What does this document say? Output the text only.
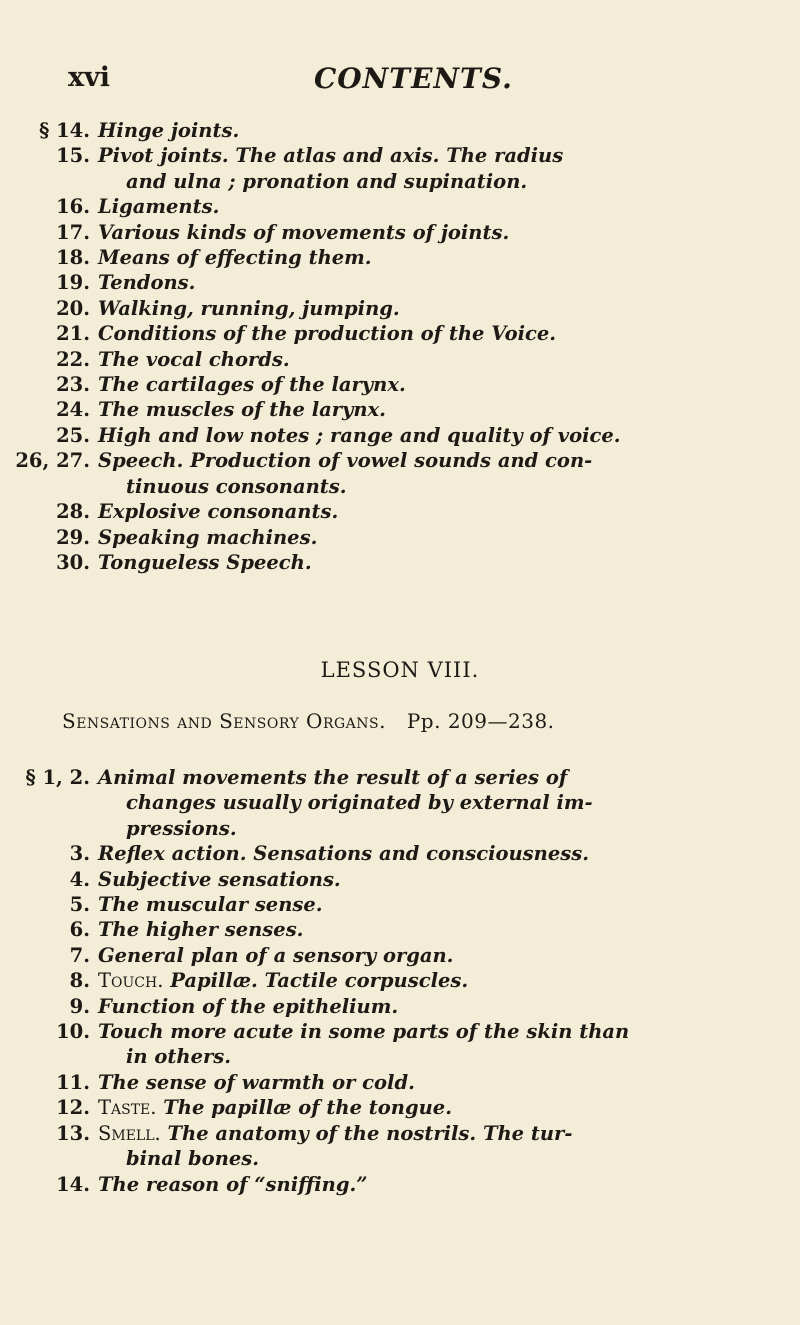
xvi	CONTENTS.
§ 14. Hinge joints.
15. Pivot joints. The atlas and axis. The radius
and ulna ; pronation and supination.
16. Ligaments.
17. Various kinds of movements of joints.
18. Means of effecting them.
19. Tendons.
20. Walking, running, jumping.
21. Conditions of the production of the Voice.
22. The vocal chords.
23. The cartilages of the larynx.
24. The muscles of the larynx.
25. High and low notes ; range and quality of voice.
26, 27. Speech. Production of vowel sounds and con-
tinuous consonants.
28. Explosive consonants.
29. Speaking machines.
30. Tongueless Speech.
LESSON VIII.
Sensations and Sensory Organs. Pp. 209—238.
§ 1, 2. Animal movements the result of a series of
changes usually originated by external im-
pressions.
3. Reflex action. Sensations and consciousness.
4. Subjective sensations.
5. The muscular sense.
6. The higher senses.
7. General plan of a sensory organ.
8. Touch. Papillæ. Tactile corpuscles.
9. Function of the epithelium.
10. Touch more acute in some parts of the skin than
in others.
11. The sense of warmth or cold.
12. Taste. The papillæ of the tongue.
13. Smell. The anatomy of the nostrils. The tur-
binal bones.
14. The reason of “sniffing.”
